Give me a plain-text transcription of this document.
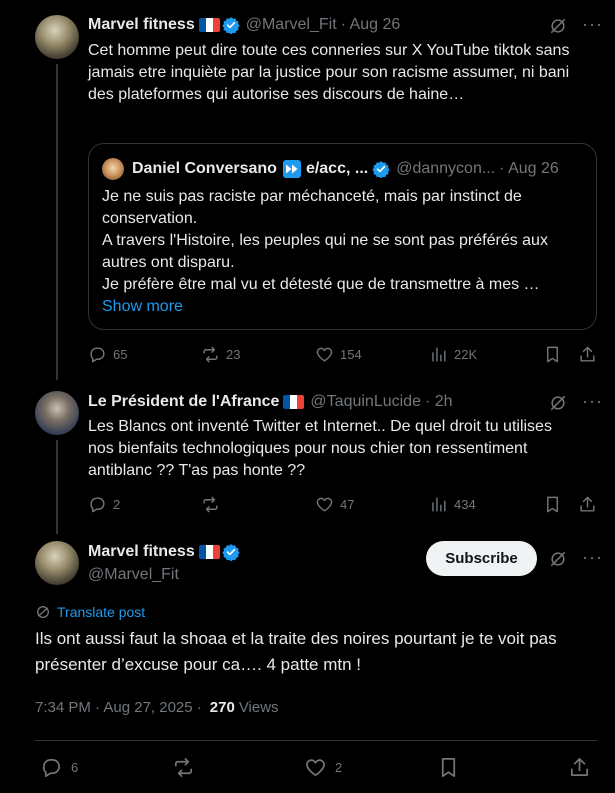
Marvel fitness	@Marvel_Fit · Aug 26	···
Cet homme peut dire toute ces conneries sur X YouTube tiktok sans jamais etre inquiète par la justice pour son racisme assumer, ni bani des plateformes qui autorise ses discours de haine…
Daniel Conversano e/acc, ... @dannycon... · Aug 26
Je ne suis pas raciste par méchanceté, mais par instinct de conservation.
A travers l'Histoire, les peuples qui ne se sont pas préférés aux autres ont disparu.
Je préfère être mal vu et détesté que de transmettre à mes …
Show more
65	23	154	22K
Le Président de l'Afrance @TaquinLucide · 2h	···
Les Blancs ont inventé Twitter et Internet.. De quel droit tu utilises nos bienfaits technologiques pour nous chier ton ressentiment antiblanc ?? T'as pas honte ??
2	47	434
Marvel fitness
@Marvel_Fit
Subscribe	···
Translate post
Ils ont aussi faut la shoaa et la traite des noires pourtant je te voit pas présenter d’excuse pour ca…. 4 patte mtn !
7:34 PM · Aug 27, 2025 · 270 Views
6	2
